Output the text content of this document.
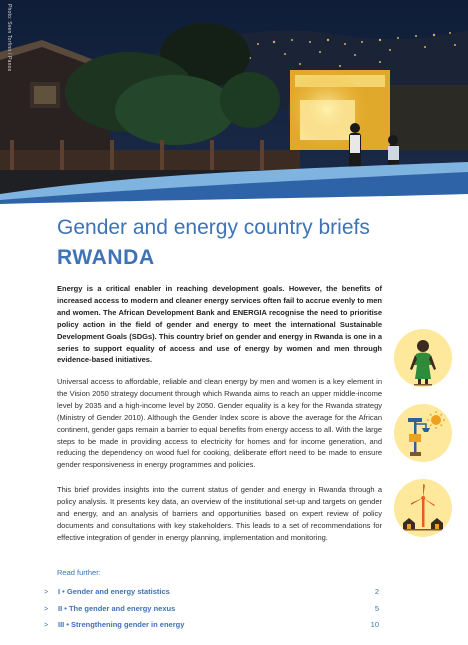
Photo: Sven Torfinn / Panos
Gender and energy country briefs
RWANDA

Energy is a critical enabler in reaching development goals. However, the benefits of increased access to modern and cleaner energy services often fail to accrue evenly to men and women. The African Development Bank and ENERGIA recognise the need to prioritise policy action in the field of gender and energy to meet the international Sustainable Development Goals (SDGs). This country brief on gender and energy in Rwanda is one in a series to support equality of access and use of energy by women and men through evidence-based initiatives.

Universal access to affordable, reliable and clean energy by men and women is a key element in the Vision 2050 strategy document through which Rwanda aims to reach an upper middle-income level by 2035 and a high-income level by 2050. Gender equality is a key for the Rwanda strategy (Ministry of Gender 2010). Although the Gender Index score is above the average for the African continent, gender gaps remain a barrier to equal benefits from energy access to all. With the large steps to be made in providing access to electricity for homes and for income generation, and reducing the dependency on wood fuel for cooking, deliberate effort need to be made to ensure gender responsiveness in energy programmes and policies.

This brief provides insights into the current status of gender and energy in Rwanda through a policy analysis. It presents key data, an overview of the institutional set-up and targets on gender and energy, and an analysis of barriers and opportunities based on expert review of policy documents and consultations with key stakeholders. This leads to a set of recommendations for effective integration of gender in energy planning, implementation and monitoring.

Read further:
> I • Gender and energy statistics	2
> II • The gender and energy nexus	5
> III • Strengthening gender in energy	10
